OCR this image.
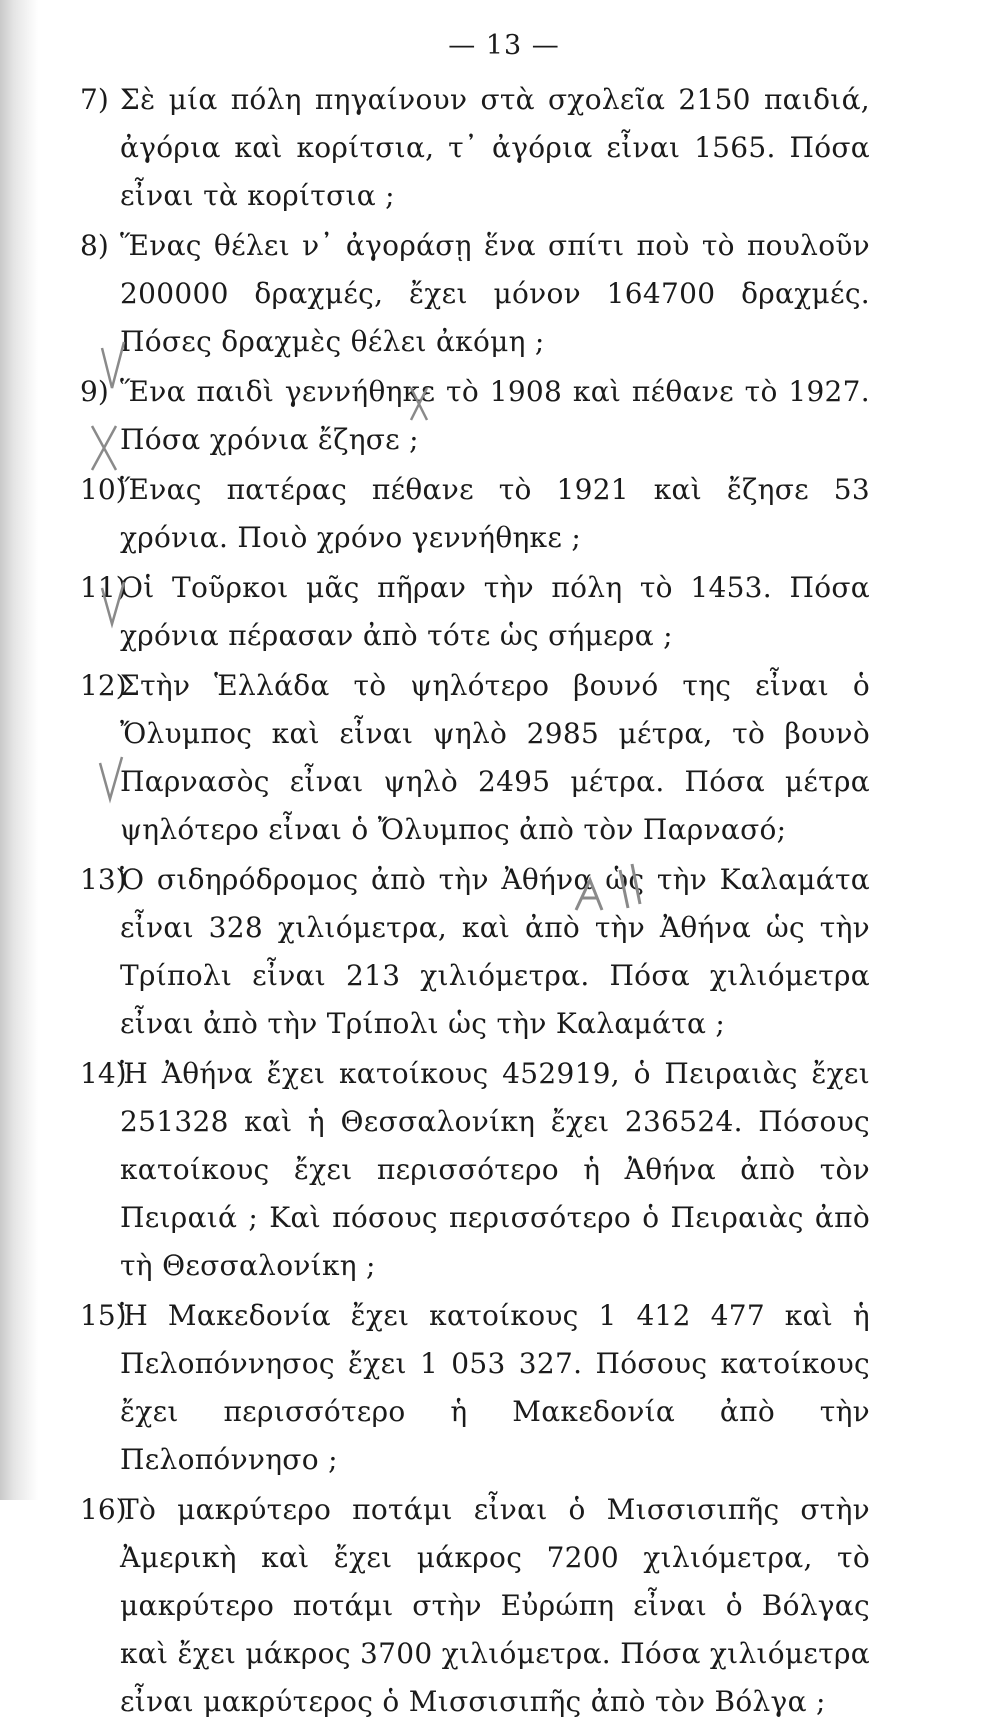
— 13 —
7) Σὲ μία πόλη πηγαίνουν στὰ σχολεῖα 2150 παιδιά, ἀγόρια καὶ κορίτσια, τ᾽ ἀγόρια εἶναι 1565. Πόσα εἶναι τὰ κορίτσια ;
8) Ἕνας θέλει ν᾽ ἀγοράσῃ ἕνα σπίτι ποὺ τὸ πουλοῦν 200000 δραχμές, ἔχει μόνον 164700 δραχμές. Πόσες δραχμὲς θέλει ἀκόμη ;
9) Ἕνα παιδὶ γεννήθηκε τὸ 1908 καὶ πέθανε τὸ 1927. Πόσα χρόνια ἔζησε ;
10)
Ἕνας πατέρας πέθανε τὸ 1921 καὶ ἔζησε 53 χρόνια. Ποιὸ χρόνο γεννήθηκε ;
11)
Οἱ Τοῦρκοι μᾶς πῆραν τὴν πόλη τὸ 1453. Πόσα χρόνια πέρασαν ἀπὸ τότε ὡς σήμερα ;
12)
Στὴν Ἑλλάδα τὸ ψηλότερο βουνό της εἶναι ὁ Ὄλυμπος καὶ εἶναι ψηλὸ 2985 μέτρα, τὸ βουνὸ Παρνασὸς εἶναι ψηλὸ 2495 μέτρα. Πόσα μέτρα ψηλότερο εἶναι ὁ Ὄλυμπος ἀπὸ τὸν Παρνασό;
13)
Ὁ σιδηρόδρομος ἀπὸ τὴν Ἀθήνα ὡς τὴν Καλαμάτα εἶναι 328 χιλιόμετρα, καὶ ἀπὸ τὴν Ἀθήνα ὡς τὴν Τρίπολι εἶναι 213 χιλιόμετρα. Πόσα χιλιόμετρα εἶναι ἀπὸ τὴν Τρίπολι ὡς τὴν Καλαμάτα ;
14)
Ἡ Ἀθήνα ἔχει κατοίκους 452919, ὁ Πειραιὰς ἔχει 251328 καὶ ἡ Θεσσαλονίκη ἔχει 236524. Πόσους κατοίκους ἔχει περισσότερο ἡ Ἀθήνα ἀπὸ τὸν Πειραιά ; Καὶ πόσους περισσότερο ὁ Πειραιὰς ἀπὸ τὴ Θεσσαλονίκη ;
15)
Ἡ Μακεδονία ἔχει κατοίκους 1 412 477 καὶ ἡ Πελοπόννησος ἔχει 1 053 327. Πόσους κατοίκους ἔχει περισσότερο ἡ Μακεδονία ἀπὸ τὴν Πελοπόννησο ;
16)
Τὸ μακρύτερο ποτάμι εἶναι ὁ Μισσισιπῆς στὴν Ἀμερικὴ καὶ ἔχει μάκρος 7200 χιλιόμετρα, τὸ μακρύτερο ποτάμι στὴν Εὐρώπη εἶναι ὁ Βόλγας καὶ ἔχει μάκρος 3700 χιλιόμετρα. Πόσα χιλιόμετρα εἶναι μακρύτερος ὁ Μισσισιπῆς ἀπὸ τὸν Βόλγα ;
